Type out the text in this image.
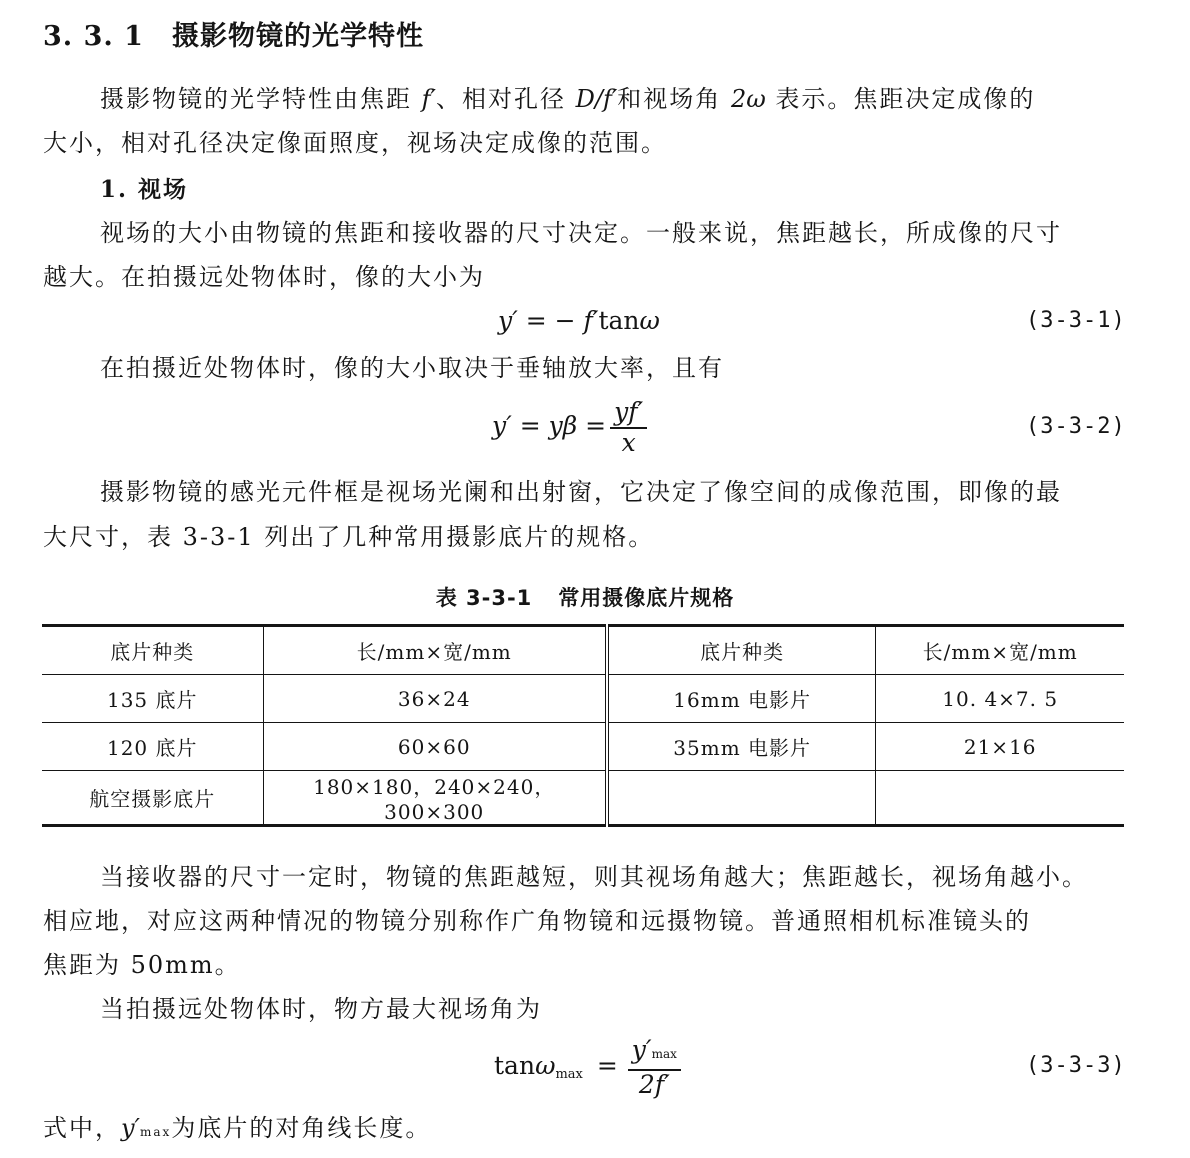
3. 3. 1 摄影物镜的光学特性
摄影物镜的光学特性由焦距 f′、相对孔径 D/f′和视场角 2ω 表示。焦距决定成像的
大小，相对孔径决定像面照度，视场决定成像的范围。
1. 视场
视场的大小由物镜的焦距和接收器的尺寸决定。一般来说，焦距越长，所成像的尺寸
越大。在拍摄远处物体时，像的大小为
y′ = − f′tanω	(3-3-1)
在拍摄近处物体时，像的大小取决于垂轴放大率，且有
$y' = y\beta = \frac{yf'}{x}$	(3-3-2)
摄影物镜的感光元件框是视场光阑和出射窗，它决定了像空间的成像范围，即像的最
大尺寸，表 3-3-1 列出了几种常用摄影底片的规格。
表 3-3-1 常用摄像底片规格
底片种类	长/mm×宽/mm	底片种类	长/mm×宽/mm
135 底片	36×24	16mm 电影片	10. 4×7. 5
120 底片	60×60	35mm 电影片	21×16
航空摄影底片	180×180，240×240，300×300		
当接收器的尺寸一定时，物镜的焦距越短，则其视场角越大；焦距越长，视场角越小。
相应地，对应这两种情况的物镜分别称作广角物镜和远摄物镜。普通照相机标准镜头的
焦距为 50mm。
当拍摄远处物体时，物方最大视场角为
$\tan\omega_{max} = \frac{y'\max}{2f'}$	(3-3-3)
式中，y′max为底片的对角线长度。
